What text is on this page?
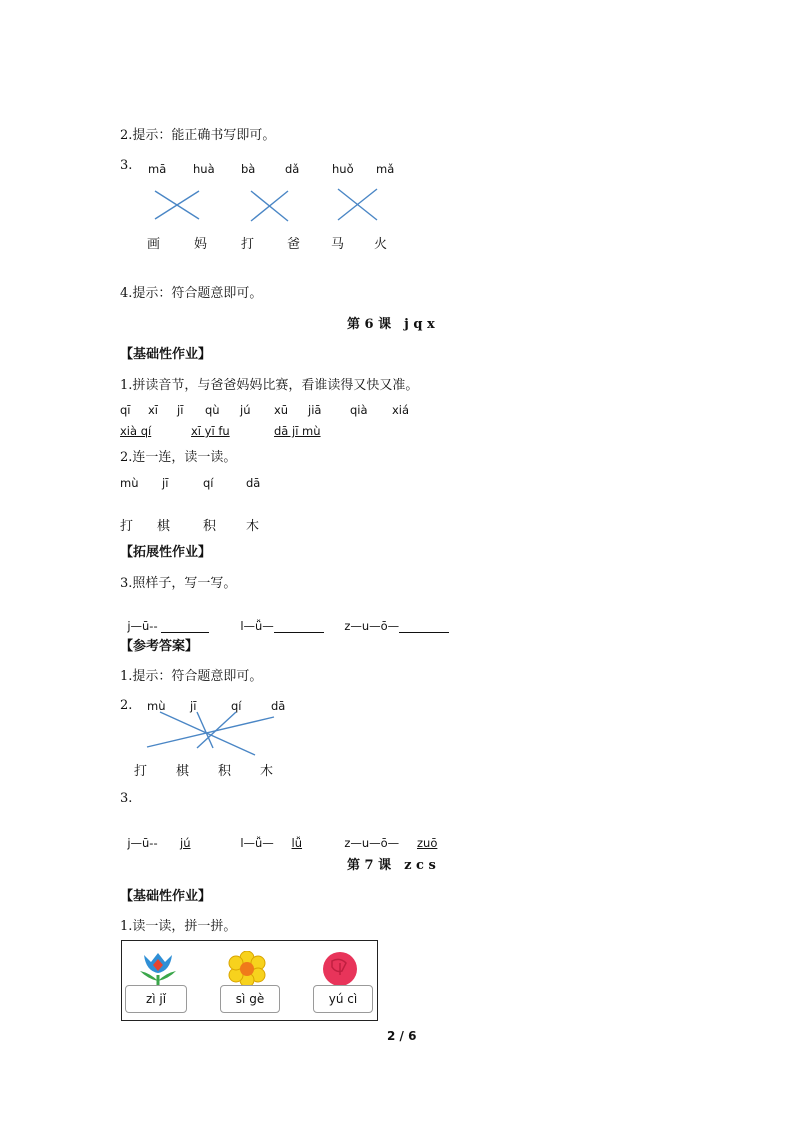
2.提示：能正确书写即可。
3. mā huà bà	dǎ	huǒ mǎ
画	妈	打	爸 马 火
4.提示：符合题意即可。
第 6 课　j q x
【基础性作业】
1.拼读音节，与爸爸妈妈比赛，看谁读得又快又准。
qī xī jī qù jú xū jiā qià xiá
xià qí	xī yī fu	dā jī mù
2.连一连，读一读。
mù jī	qí	dā
打 棋	积 木
【拓展性作业】
3.照样子，写一写。

j—ū--	l—ǚ—	z—u—ō—

【参考答案】
1.提示：符合题意即可。
2. mù jī	qí	dā
打 棋 积 木
3.

j—ū-- jú	l—ǚ— lǚ	z—u—ō— zuō

第 7 课　z c s
【基础性作业】
1.读一读，拼一拼。
zì jǐ	sì gè	yú cì
2 / 6
